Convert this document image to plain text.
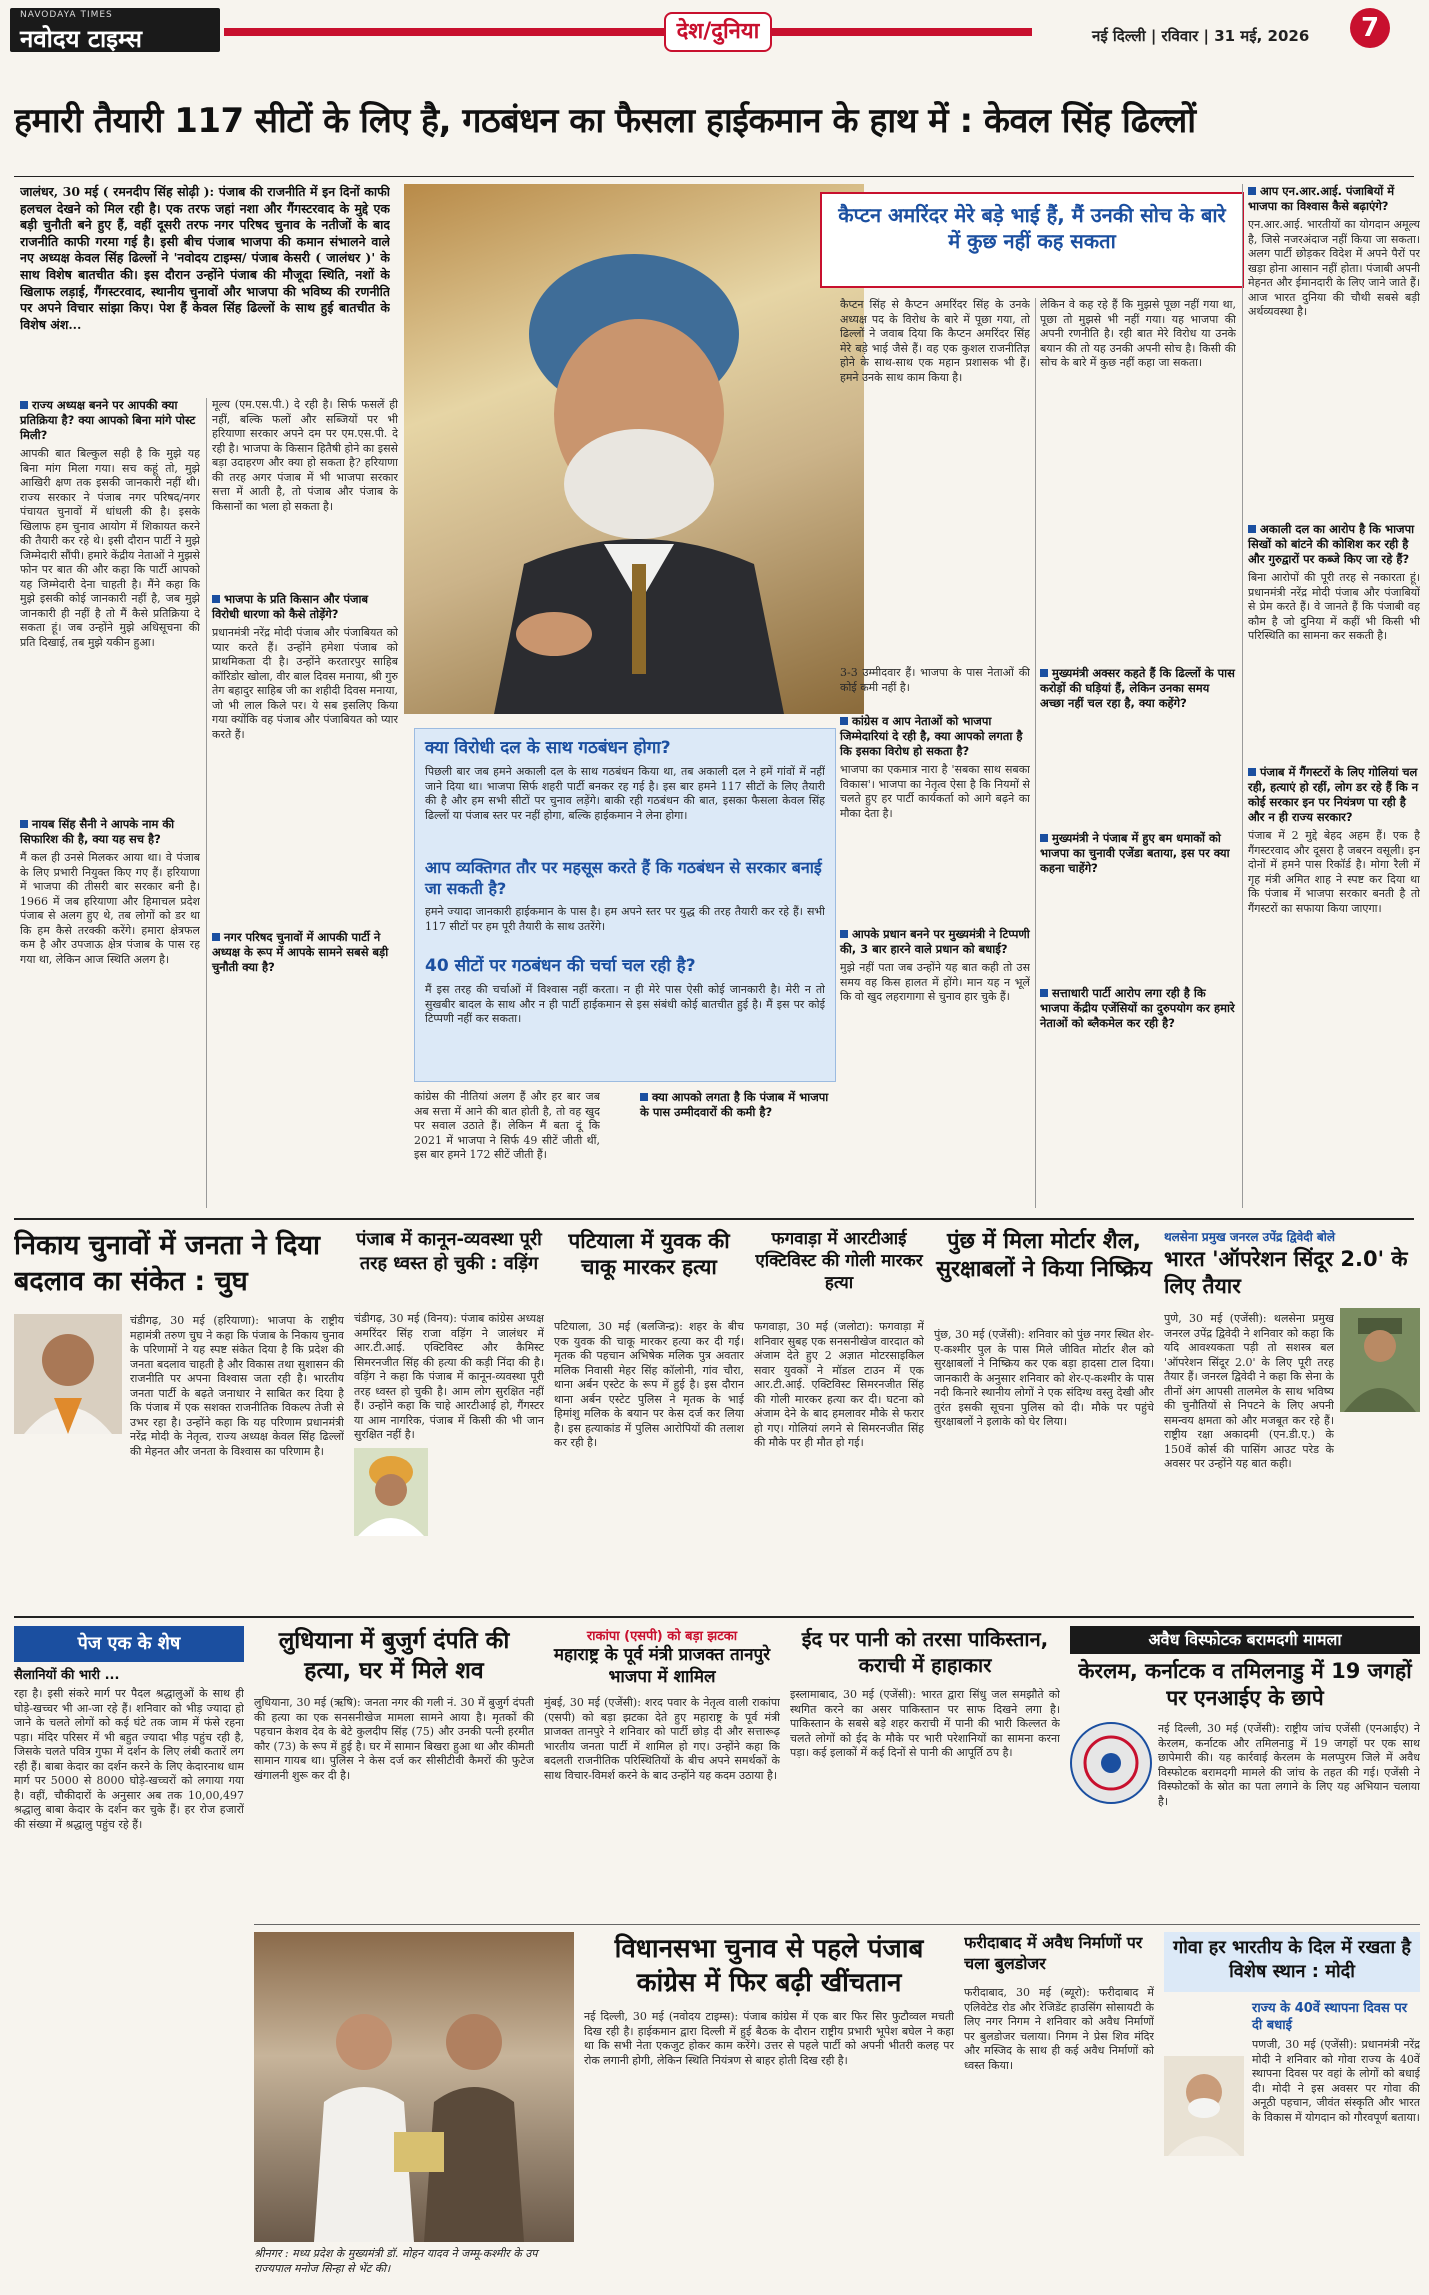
NAVODAYA TIMES
नवोदय टाइम्स	देश/दुनिया	नई दिल्ली | रविवार | 31 मई, 2026	7
हमारी तैयारी 117 सीटों के लिए है, गठबंधन का फैसला हाईकमान के हाथ में : केवल सिंह ढिल्लों
जालंधर, 30 मई ( रमनदीप सिंह सोढ़ी ): पंजाब की राजनीति में इन दिनों काफी हलचल देखने को मिल रही है। एक तरफ जहां नशा और गैंगस्टरवाद के मुद्दे एक बड़ी चुनौती बने हुए हैं, वहीं दूसरी तरफ नगर परिषद चुनाव के नतीजों के बाद राजनीति काफी गरमा गई है। इसी बीच पंजाब भाजपा की कमान संभालने वाले नए अध्यक्ष केवल सिंह ढिल्लों ने 'नवोदय टाइम्स/ पंजाब केसरी ( जालंधर )' के साथ विशेष बातचीत की। इस दौरान उन्होंने पंजाब की मौजूदा स्थिति, नशों के खिलाफ लड़ाई, गैंगस्टरवाद, स्थानीय चुनावों और भाजपा की भविष्य की रणनीति पर अपने विचार सांझा किए। पेश हैं केवल सिंह ढिल्लों के साथ हुई बातचीत के विशेष अंश...
कैप्टन अमरिंदर मेरे बड़े भाई हैं, मैं उनकी सोच के बारे में कुछ नहीं कह सकता
राज्य अध्यक्ष बनने पर आपकी क्या प्रतिक्रिया है? क्या आपको बिना मांगे पोस्ट मिली?
आपकी बात बिल्कुल सही है कि मुझे यह बिना मांग मिला गया। सच कहूं तो, मुझे आखिरी क्षण तक इसकी जानकारी नहीं थी। राज्य सरकार ने पंजाब नगर परिषद/नगर पंचायत चुनावों में धांधली की है। इसके खिलाफ हम चुनाव आयोग में शिकायत करने की तैयारी कर रहे थे। इसी दौरान पार्टी ने मुझे जिम्मेदारी सौंपी। हमारे केंद्रीय नेताओं ने मुझसे फोन पर बात की और कहा कि पार्टी आपको यह जिम्मेदारी देना चाहती है। मैंने कहा कि मुझे इसकी कोई जानकारी नहीं है, जब मुझे जानकारी ही नहीं है तो मैं कैसे प्रतिक्रिया दे सकता हूं। जब उन्होंने मुझे अधिसूचना की प्रति दिखाई, तब मुझे यकीन हुआ।
नायब सिंह सैनी ने आपके नाम की सिफारिश की है, क्या यह सच है?
मैं कल ही उनसे मिलकर आया था। वे पंजाब के लिए प्रभारी नियुक्त किए गए हैं। हरियाणा में भाजपा की तीसरी बार सरकार बनी है। 1966 में जब हरियाणा और हिमाचल प्रदेश पंजाब से अलग हुए थे, तब लोगों को डर था कि हम कैसे तरक्की करेंगे। हमारा क्षेत्रफल कम है और उपजाऊ क्षेत्र पंजाब के पास रह गया था, लेकिन आज स्थिति अलग है।
मूल्य (एम.एस.पी.) दे रही है। सिर्फ फसलें ही नहीं, बल्कि फलों और सब्जियों पर भी हरियाणा सरकार अपने दम पर एम.एस.पी. दे रही है। भाजपा के किसान हितैषी होने का इससे बड़ा उदाहरण और क्या हो सकता है? हरियाणा की तरह अगर पंजाब में भी भाजपा सरकार सत्ता में आती है, तो पंजाब और पंजाब के किसानों का भला हो सकता है।
भाजपा के प्रति किसान और पंजाब विरोधी धारणा को कैसे तोड़ेंगे?
प्रधानमंत्री नरेंद्र मोदी पंजाब और पंजाबियत को प्यार करते हैं। उन्होंने हमेशा पंजाब को प्राथमिकता दी है। उन्होंने करतारपुर साहिब कॉरिडोर खोला, वीर बाल दिवस मनाया, श्री गुरु तेग बहादुर साहिब जी का शहीदी दिवस मनाया, जो भी लाल किले पर। ये सब इसलिए किया गया क्योंकि वह पंजाब और पंजाबियत को प्यार करते हैं।
नगर परिषद चुनावों में आपकी पार्टी ने अध्यक्ष के रूप में आपके सामने सबसे बड़ी चुनौती क्या है?
कांग्रेस की नीतियां अलग हैं और हर बार जब अब सत्ता में आने की बात होती है, तो वह खुद पर सवाल उठाते हैं। लेकिन मैं बता दूं कि 2021 में भाजपा ने सिर्फ 49 सीटें जीती थीं, इस बार हमने 172 सीटें जीती हैं।
क्या विरोधी दल के साथ गठबंधन होगा?
पिछली बार जब हमने अकाली दल के साथ गठबंधन किया था, तब अकाली दल ने हमें गांवों में नहीं जाने दिया था। भाजपा सिर्फ शहरी पार्टी बनकर रह गई है। इस बार हमने 117 सीटों के लिए तैयारी की है और हम सभी सीटों पर चुनाव लड़ेंगे। बाकी रही गठबंधन की बात, इसका फैसला केवल सिंह ढिल्लों या पंजाब स्तर पर नहीं होगा, बल्कि हाईकमान ने लेना होगा।
आप व्यक्तिगत तौर पर महसूस करते हैं कि गठबंधन से सरकार बनाई जा सकती है?
हमने ज्यादा जानकारी हाईकमान के पास है। हम अपने स्तर पर युद्ध की तरह तैयारी कर रहे हैं। सभी 117 सीटों पर हम पूरी तैयारी के साथ उतरेंगे।
40 सीटों पर गठबंधन की चर्चा चल रही है?
मैं इस तरह की चर्चाओं में विश्वास नहीं करता। न ही मेरे पास ऐसी कोई जानकारी है। मेरी न तो सुखबीर बादल के साथ और न ही पार्टी हाईकमान से इस संबंधी कोई बातचीत हुई है। मैं इस पर कोई टिप्पणी नहीं कर सकता।
कैप्टन सिंह से कैप्टन अमरिंदर सिंह के उनके अध्यक्ष पद के विरोध के बारे में पूछा गया, तो ढिल्लों ने जवाब दिया कि कैप्टन अमरिंदर सिंह मेरे बड़े भाई जैसे हैं। वह एक कुशल राजनीतिज्ञ होने के साथ-साथ एक महान प्रशासक भी हैं। हमने उनके साथ काम किया है।
लेकिन वे कह रहे हैं कि मुझसे पूछा नहीं गया था, पूछा तो मुझसे भी नहीं गया। यह भाजपा की अपनी रणनीति है। रही बात मेरे विरोध या उनके बयान की तो यह उनकी अपनी सोच है। किसी की सोच के बारे में कुछ नहीं कहा जा सकता।
3-3 उम्मीदवार हैं। भाजपा के पास नेताओं की कोई कमी नहीं है।
कांग्रेस व आप नेताओं को भाजपा जिम्मेदारियां दे रही है, क्या आपको लगता है कि इसका विरोध हो सकता है?
भाजपा का एकमात्र नारा है 'सबका साथ सबका विकास'। भाजपा का नेतृत्व ऐसा है कि नियमों से चलते हुए हर पार्टी कार्यकर्ता को आगे बढ़ने का मौका देता है।
आपके प्रधान बनने पर मुख्यमंत्री ने टिप्पणी की, 3 बार हारने वाले प्रधान को बधाई?
मुझे नहीं पता जब उन्होंने यह बात कही तो उस समय वह किस हालत में होंगे। मान यह न भूलें कि वो खुद लहरागागा से चुनाव हार चुके हैं।
मुख्यमंत्री अक्सर कहते हैं कि ढिल्लों के पास करोड़ों की घड़ियां हैं, लेकिन उनका समय अच्छा नहीं चल रहा है, क्या कहेंगे?
मुख्यमंत्री ने पंजाब में हुए बम धमाकों को भाजपा का चुनावी एजेंडा बताया, इस पर क्या कहना चाहेंगे?
सत्ताधारी पार्टी आरोप लगा रही है कि भाजपा केंद्रीय एजेंसियों का दुरुपयोग कर हमारे नेताओं को ब्लैकमेल कर रही है?
क्या आपको लगता है कि पंजाब में भाजपा के पास उम्मीदवारों की कमी है?
आप एन.आर.आई. पंजाबियों में भाजपा का विश्वास कैसे बढ़ाएंगे?
एन.आर.आई. भारतीयों का योगदान अमूल्य है, जिसे नजरअंदाज नहीं किया जा सकता। अलग पार्टी छोड़कर विदेश में अपने पैरों पर खड़ा होना आसान नहीं होता। पंजाबी अपनी मेहनत और ईमानदारी के लिए जाने जाते हैं। आज भारत दुनिया की चौथी सबसे बड़ी अर्थव्यवस्था है।
अकाली दल का आरोप है कि भाजपा सिखों को बांटने की कोशिश कर रही है और गुरुद्वारों पर कब्जे किए जा रहे हैं?
बिना आरोपों की पूरी तरह से नकारता हूं। प्रधानमंत्री नरेंद्र मोदी पंजाब और पंजाबियों से प्रेम करते हैं। वे जानते हैं कि पंजाबी वह कौम है जो दुनिया में कहीं भी किसी भी परिस्थिति का सामना कर सकती है।
पंजाब में गैंगस्टरों के लिए गोलियां चल रही, हत्याएं हो रहीं, लोग डर रहे हैं कि न कोई सरकार इन पर नियंत्रण पा रही है और न ही राज्य सरकार?
पंजाब में 2 मुद्दे बेहद अहम हैं। एक है गैंगस्टरवाद और दूसरा है जबरन वसूली। इन दोनों में हमने पास रिकॉर्ड है। मोगा रैली में गृह मंत्री अमित शाह ने स्पष्ट कर दिया था कि पंजाब में भाजपा सरकार बनती है तो गैंगस्टरों का सफाया किया जाएगा।
निकाय चुनावों में जनता ने दिया बदलाव का संकेत : चुघ
चंडीगढ़, 30 मई (हरियाणा): भाजपा के राष्ट्रीय महामंत्री तरुण चुघ ने कहा कि पंजाब के निकाय चुनाव के परिणामों ने यह स्पष्ट संकेत दिया है कि प्रदेश की जनता बदलाव चाहती है और विकास तथा सुशासन की राजनीति पर अपना विश्वास जता रही है। भारतीय जनता पार्टी के बढ़ते जनाधार ने साबित कर दिया है कि पंजाब में एक सशक्त राजनीतिक विकल्प तेजी से उभर रहा है। उन्होंने कहा कि यह परिणाम प्रधानमंत्री नरेंद्र मोदी के नेतृत्व, राज्य अध्यक्ष केवल सिंह ढिल्लों की मेहनत और जनता के विश्वास का परिणाम है।
पंजाब में कानून-व्यवस्था पूरी तरह ध्वस्त हो चुकी : वड़िंग
चंडीगढ़, 30 मई (विनय): पंजाब कांग्रेस अध्यक्ष अमरिंदर सिंह राजा वड़िंग ने जालंधर में आर.टी.आई. एक्टिविस्ट और कैमिस्ट सिमरनजीत सिंह की हत्या की कड़ी निंदा की है। वड़िंग ने कहा कि पंजाब में कानून-व्यवस्था पूरी तरह ध्वस्त हो चुकी है। आम लोग सुरक्षित नहीं हैं। उन्होंने कहा कि चाहे आरटीआई हो, गैंगस्टर या आम नागरिक, पंजाब में किसी की भी जान सुरक्षित नहीं है।
पटियाला में युवक की चाकू मारकर हत्या
पटियाला, 30 मई (बलजिन्द्र): शहर के बीच एक युवक की चाकू मारकर हत्या कर दी गई। मृतक की पहचान अभिषेक मलिक पुत्र अवतार मलिक निवासी मेहर सिंह कॉलोनी, गांव चौरा, थाना अर्बन एस्टेट के रूप में हुई है। इस दौरान थाना अर्बन एस्टेट पुलिस ने मृतक के भाई हिमांशु मलिक के बयान पर केस दर्ज कर लिया है। इस हत्याकांड में पुलिस आरोपियों की तलाश कर रही है।
फगवाड़ा में आरटीआई एक्टिविस्ट की गोली मारकर हत्या
फगवाड़ा, 30 मई (जलोटा): फगवाड़ा में शनिवार सुबह एक सनसनीखेज वारदात को अंजाम देते हुए 2 अज्ञात मोटरसाइकिल सवार युवकों ने मॉडल टाउन में एक आर.टी.आई. एक्टिविस्ट सिमरनजीत सिंह की गोली मारकर हत्या कर दी। घटना को अंजाम देने के बाद हमलावर मौके से फरार हो गए। गोलियां लगने से सिमरनजीत सिंह की मौके पर ही मौत हो गई।
पुंछ में मिला मोर्टार शैल, सुरक्षाबलों ने किया निष्क्रिय
पुंछ, 30 मई (एजेंसी): शनिवार को पुंछ नगर स्थित शेर-ए-कश्मीर पुल के पास मिले जीवित मोर्टार शैल को सुरक्षाबलों ने निष्क्रिय कर एक बड़ा हादसा टाल दिया। जानकारी के अनुसार शनिवार को शेर-ए-कश्मीर के पास नदी किनारे स्थानीय लोगों ने एक संदिग्ध वस्तु देखी और तुरंत इसकी सूचना पुलिस को दी। मौके पर पहुंचे सुरक्षाबलों ने इलाके को घेर लिया।
थलसेना प्रमुख जनरल उपेंद्र द्विवेदी बोले
भारत 'ऑपरेशन सिंदूर 2.0' के लिए तैयार
पुणे, 30 मई (एजेंसी): थलसेना प्रमुख जनरल उपेंद्र द्विवेदी ने शनिवार को कहा कि यदि आवश्यकता पड़ी तो सशस्त्र बल 'ऑपरेशन सिंदूर 2.0' के लिए पूरी तरह तैयार हैं। जनरल द्विवेदी ने कहा कि सेना के तीनों अंग आपसी तालमेल के साथ भविष्य की चुनौतियों से निपटने के लिए अपनी समन्वय क्षमता को और मजबूत कर रहे हैं। राष्ट्रीय रक्षा अकादमी (एन.डी.ए.) के 150वें कोर्स की पासिंग आउट परेड के अवसर पर उन्होंने यह बात कही।
पेज एक के शेष
सैलानियों की भारी ...
रहा है। इसी संकरे मार्ग पर पैदल श्रद्धालुओं के साथ ही घोड़े-खच्चर भी आ-जा रहे हैं। शनिवार को भीड़ ज्यादा हो जाने के चलते लोगों को कई घंटे तक जाम में फंसे रहना पड़ा। मंदिर परिसर में भी बहुत ज्यादा भीड़ पहुंच रही है, जिसके चलते पवित्र गुफा में दर्शन के लिए लंबी कतारें लग रही हैं। बाबा केदार का दर्शन करने के लिए केदारनाथ धाम मार्ग पर 5000 से 8000 घोड़े-खच्चरों को लगाया गया है। वहीं, चौकीदारों के अनुसार अब तक 10,00,497 श्रद्धालु बाबा केदार के दर्शन कर चुके हैं। हर रोज हजारों की संख्या में श्रद्धालु पहुंच रहे हैं।
लुधियाना में बुजुर्ग दंपति की हत्या, घर में मिले शव
लुधियाना, 30 मई (ऋषि): जनता नगर की गली नं. 30 में बुजुर्ग दंपती की हत्या का एक सनसनीखेज मामला सामने आया है। मृतकों की पहचान केशव देव के बेटे कुलदीप सिंह (75) और उनकी पत्नी हरमीत कौर (73) के रूप में हुई है। घर में सामान बिखरा हुआ था और कीमती सामान गायब था। पुलिस ने केस दर्ज कर सीसीटीवी कैमरों की फुटेज खंगालनी शुरू कर दी है।
राकांपा (एसपी) को बड़ा झटका
महाराष्ट्र के पूर्व मंत्री प्राजक्त तानपुरे भाजपा में शामिल
मुंबई, 30 मई (एजेंसी): शरद पवार के नेतृत्व वाली राकांपा (एसपी) को बड़ा झटका देते हुए महाराष्ट्र के पूर्व मंत्री प्राजक्त तानपुरे ने शनिवार को पार्टी छोड़ दी और सत्तारूढ़ भारतीय जनता पार्टी में शामिल हो गए। उन्होंने कहा कि बदलती राजनीतिक परिस्थितियों के बीच अपने समर्थकों के साथ विचार-विमर्श करने के बाद उन्होंने यह कदम उठाया है।
ईद पर पानी को तरसा पाकिस्तान, कराची में हाहाकार
इस्लामाबाद, 30 मई (एजेंसी): भारत द्वारा सिंधु जल समझौते को स्थगित करने का असर पाकिस्तान पर साफ दिखने लगा है। पाकिस्तान के सबसे बड़े शहर कराची में पानी की भारी किल्लत के चलते लोगों को ईद के मौके पर भारी परेशानियों का सामना करना पड़ा। कई इलाकों में कई दिनों से पानी की आपूर्ति ठप है।
अवैध विस्फोटक बरामदगी मामला
केरलम, कर्नाटक व तमिलनाडु में 19 जगहों पर एनआईए के छापे
नई दिल्ली, 30 मई (एजेंसी): राष्ट्रीय जांच एजेंसी (एनआईए) ने केरलम, कर्नाटक और तमिलनाडु में 19 जगहों पर एक साथ छापेमारी की। यह कार्रवाई केरलम के मलप्पुरम जिले में अवैध विस्फोटक बरामदगी मामले की जांच के तहत की गई। एजेंसी ने विस्फोटकों के स्रोत का पता लगाने के लिए यह अभियान चलाया है।
श्रीनगर : मध्य प्रदेश के मुख्यमंत्री डॉ. मोहन यादव ने जम्मू-कश्मीर के उप राज्यपाल मनोज सिन्हा से भेंट की।
विधानसभा चुनाव से पहले पंजाब कांग्रेस में फिर बढ़ी खींचतान
नई दिल्ली, 30 मई (नवोदय टाइम्स): पंजाब कांग्रेस में एक बार फिर सिर फुटौव्वल मचती दिख रही है। हाईकमान द्वारा दिल्ली में हुई बैठक के दौरान राष्ट्रीय प्रभारी भूपेश बघेल ने कहा था कि सभी नेता एकजुट होकर काम करेंगे। उत्तर से पहले पार्टी को अपनी भीतरी कलह पर रोक लगानी होगी, लेकिन स्थिति नियंत्रण से बाहर होती दिख रही है।
फरीदाबाद में अवैध निर्माणों पर चला बुलडोजर
फरीदाबाद, 30 मई (ब्यूरो): फरीदाबाद में एलिवेटेड रोड और रेजिडेंट हाउसिंग सोसायटी के लिए नगर निगम ने शनिवार को अवैध निर्माणों पर बुलडोजर चलाया। निगम ने प्रेस शिव मंदिर और मस्जिद के साथ ही कई अवैध निर्माणों को ध्वस्त किया।
गोवा हर भारतीय के दिल में रखता है विशेष स्थान : मोदी
राज्य के 40वें स्थापना दिवस पर दी बधाई
पणजी, 30 मई (एजेंसी): प्रधानमंत्री नरेंद्र मोदी ने शनिवार को गोवा राज्य के 40वें स्थापना दिवस पर वहां के लोगों को बधाई दी। मोदी ने इस अवसर पर गोवा की अनूठी पहचान, जीवंत संस्कृति और भारत के विकास में योगदान को गौरवपूर्ण बताया।
